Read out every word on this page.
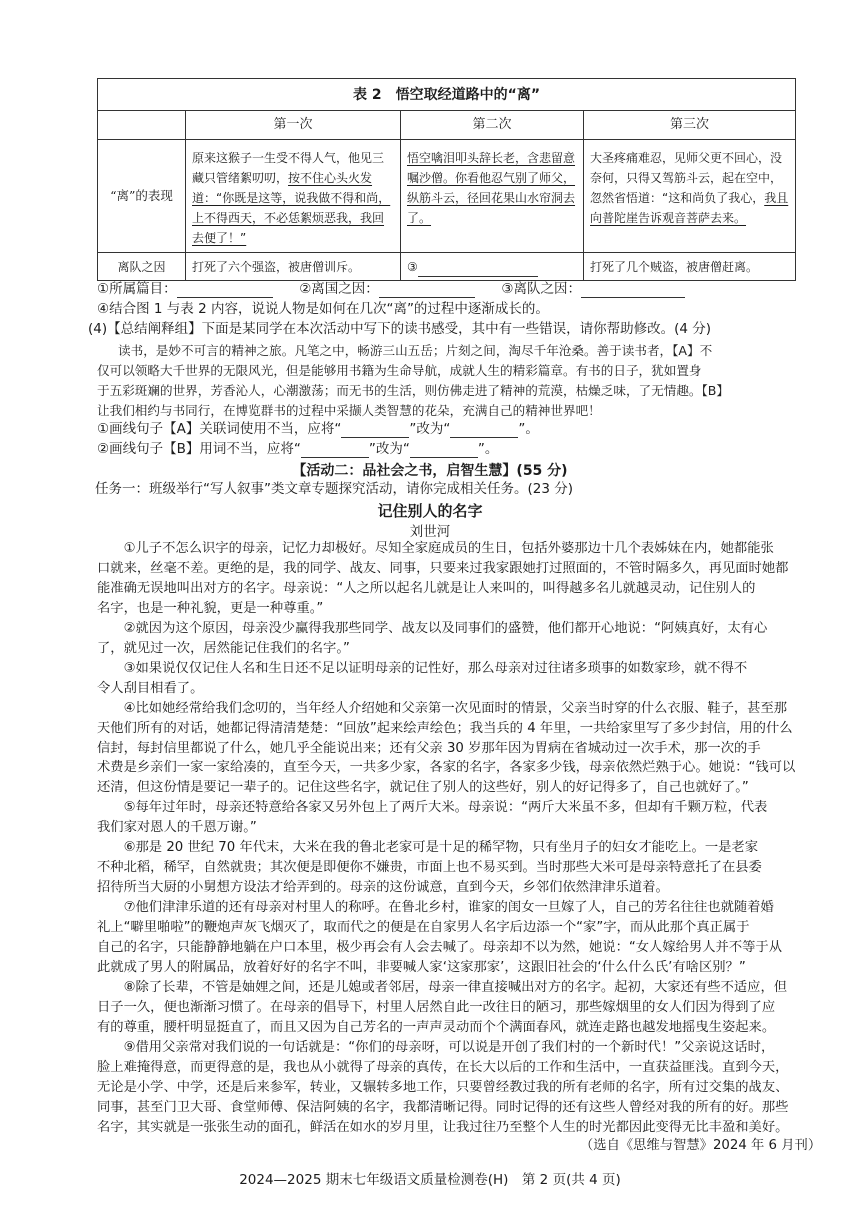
表 2　悟空取经道路中的“离”			
	第一次	第二次	第三次
“离”的表现	原来这猴子一生受不得人气，他见三藏只管绪絮叨叨，按不住心头火发道：“你既是这等，说我做不得和尚，上不得西天，不必恁絮烦恶我，我回去便了！”	悟空噙泪叩头辞长老，含悲留意嘱沙僧。你看他忍气别了师父，纵筋斗云，径回花果山水帘洞去了。	大圣疼痛难忍，见师父更不回心，没奈何，只得又驾筋斗云，起在空中，忽然省悟道：“这和尚负了我心，我且向普陀崖告诉观音菩萨去来。
离队之因	打死了六个强盗，被唐僧训斥。	③	打死了几个贼盗，被唐僧赶离。
①所属篇目：	②离国之因：	③离队之因：
④结合图 1 与表 2 内容，说说人物是如何在几次“离”的过程中逐渐成长的。
(4)【总结阐释组】下面是某同学在本次活动中写下的读书感受，其中有一些错误，请你帮助修改。(4 分)
读书，是妙不可言的精神之旅。凡笔之中，畅游三山五岳；片刻之间，淘尽千年沧桑。善于读书者，【A】不
仅可以领略大千世界的无限风光，但是能够用书籍为生命导航，成就人生的精彩篇章。有书的日子，犹如置身
于五彩斑斓的世界，芳香沁人，心潮激荡；而无书的生活，则仿佛走进了精神的荒漠，枯燥乏味，了无情趣。【B】
让我们相约与书同行，在博览群书的过程中采撷人类智慧的花朵，充满自己的精神世界吧！
①画线句子【A】关联词使用不当，应将“	”改为“	”。
②画线句子【B】用词不当，应将“	”改为“	”。
【活动二：品社会之书，启智生慧】(55 分)
任务一：班级举行“写人叙事”类文章专题探究活动，请你完成相关任务。(23 分)
记住别人的名字
刘世河
　　①儿子不怎么识字的母亲，记忆力却极好。尽知全家庭成员的生日，包括外婆那边十几个表姊妹在内，她都能张
口就来，丝毫不差。更绝的是，我的同学、战友、同事，只要来过我家跟她打过照面的，不管时隔多久，再见面时她都
能准确无误地叫出对方的名字。母亲说：“人之所以起名儿就是让人来叫的，叫得越多名儿就越灵动，记住别人的
名字，也是一种礼貌，更是一种尊重。”
　　②就因为这个原因，母亲没少赢得我那些同学、战友以及同事们的盛赞，他们都开心地说：“阿姨真好，太有心
了，就见过一次，居然能记住我们的名字。”
　　③如果说仅仅记住人名和生日还不足以证明母亲的记性好，那么母亲对过往诸多琐事的如数家珍，就不得不
令人刮目相看了。
　　④比如她经常给我们念叨的，当年经人介绍她和父亲第一次见面时的情景，父亲当时穿的什么衣服、鞋子，甚至那
天他们所有的对话，她都记得清清楚楚：“回放”起来绘声绘色；我当兵的 4 年里，一共给家里写了多少封信，用的什么
信封，每封信里都说了什么，她几乎全能说出来；还有父亲 30 岁那年因为胃病在省城动过一次手术，那一次的手
术费是乡亲们一家一家给凑的，直至今天，一共多少家，各家的名字，各家多少钱，母亲依然烂熟于心。她说：“钱可以
还清，但这份情是要记一辈子的。记住这些名字，就记住了别人的这些好，别人的好记得多了，自己也就好了。”
　　⑤每年过年时，母亲还特意给各家又另外包上了两斤大米。母亲说：“两斤大米虽不多，但却有千颗万粒，代表
我们家对恩人的千恩万谢。”
　　⑥那是 20 世纪 70 年代末，大米在我的鲁北老家可是十足的稀罕物，只有坐月子的妇女才能吃上。一是老家
不种北稻，稀罕，自然就贵；其次便是即便你不嫌贵，市面上也不易买到。当时那些大米可是母亲特意托了在县委
招待所当大厨的小舅想方设法才给弄到的。母亲的这份诚意，直到今天，乡邻们依然津津乐道着。
　　⑦他们津津乐道的还有母亲对村里人的称呼。在鲁北乡村，谁家的闺女一旦嫁了人，自己的芳名往往也就随着婚
礼上“噼里啪啦”的鞭炮声灰飞烟灭了，取而代之的便是在自家男人名字后边添一个“家”字，而从此那个真正属于
自己的名字，只能静静地躺在户口本里，极少再会有人会去喊了。母亲却不以为然，她说：“女人嫁给男人并不等于从
此就成了男人的附属品，放着好好的名字不叫，非要喊人家‘这家那家’，这跟旧社会的‘什么什么氏’有啥区别？”
　　⑧除了长辈，不管是妯娌之间，还是儿媳或者邻居，母亲一律直接喊出对方的名字。起初，大家还有些不适应，但
日子一久，便也渐渐习惯了。在母亲的倡导下，村里人居然自此一改往日的陋习，那些嫁烟里的女人们因为得到了应
有的尊重，腰杆明显挺直了，而且又因为自己芳名的一声声灵动而个个满面春风，就连走路也越发地摇曳生姿起来。
　　⑨借用父亲常对我们说的一句话就是：“你们的母亲呀，可以说是开创了我们村的一个新时代！”父亲说这话时，
脸上难掩得意，而更得意的是，我也从小就得了母亲的真传，在长大以后的工作和生活中，一直获益匪浅。直到今天，
无论是小学、中学，还是后来参军，转业，又辗转多地工作，只要曾经教过我的所有老师的名字，所有过交集的战友、
同事，甚至门卫大哥、食堂师傅、保洁阿姨的名字，我都清晰记得。同时记得的还有这些人曾经对我的所有的好。那些
名字，其实就是一张张生动的面孔，鲜活在如水的岁月里，让我过往乃至整个人生的时光都因此变得无比丰盈和美好。
（选自《思维与智慧》2024 年 6 月刊）
2024—2025 期末七年级语文质量检测卷(H)　第 2 页(共 4 页)
